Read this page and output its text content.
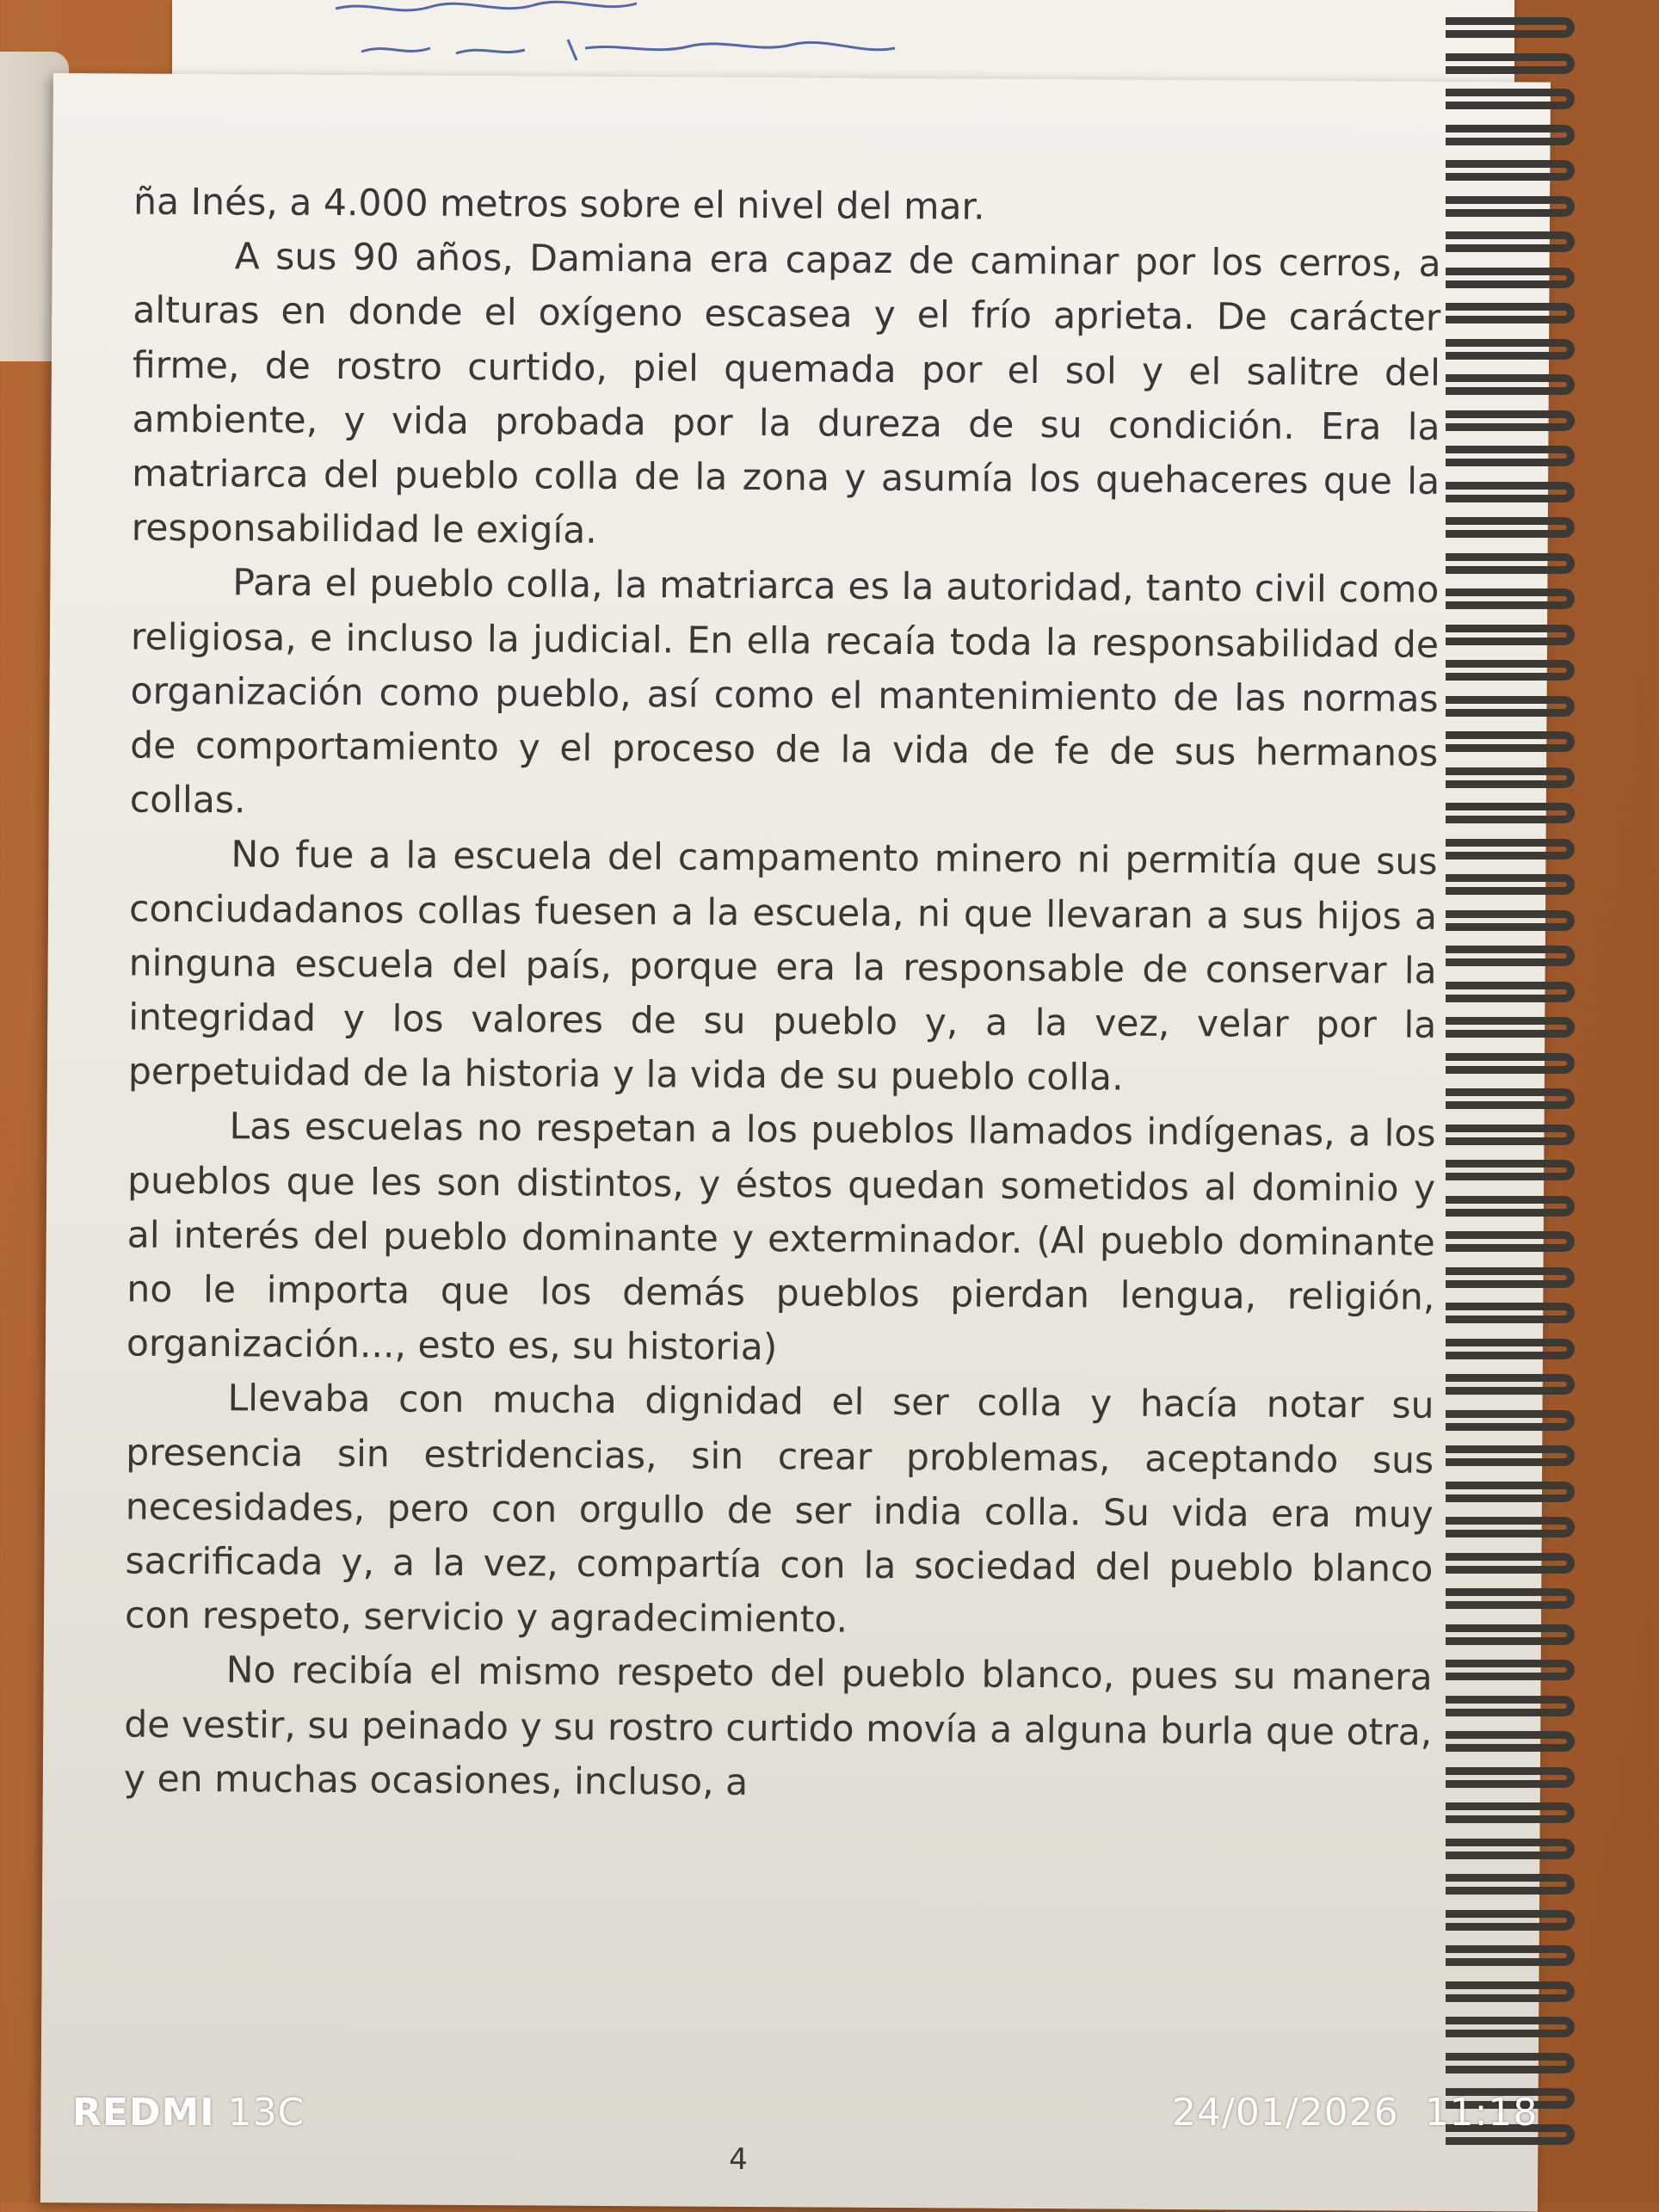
ña Inés, a 4.000 metros sobre el nivel del mar.

A sus 90 años, Damiana era capaz de caminar por los cerros, a alturas en donde el oxígeno escasea y el frío aprieta. De carácter firme, de rostro curtido, piel quemada por el sol y el salitre del ambiente, y vida probada por la dureza de su condición. Era la matriarca del pueblo colla de la zona y asumía los quehaceres que la responsabilidad le exigía.

Para el pueblo colla, la matriarca es la autoridad, tanto civil como religiosa, e incluso la judicial. En ella recaía toda la responsabilidad de organización como pueblo, así como el mantenimiento de las normas de comportamiento y el proceso de la vida de fe de sus hermanos collas.

No fue a la escuela del campamento minero ni permitía que sus conciudadanos collas fuesen a la escuela, ni que llevaran a sus hijos a ninguna escuela del país, porque era la responsable de conservar la integridad y los valores de su pueblo y, a la vez, velar por la perpetuidad de la historia y la vida de su pueblo colla.

Las escuelas no respetan a los pueblos llamados indígenas, a los pueblos que les son distintos, y éstos quedan sometidos al dominio y al interés del pueblo dominante y exterminador. (Al pueblo dominante no le importa que los demás pueblos pierdan lengua, religión, organización..., esto es, su historia)

Llevaba con mucha dignidad el ser colla y hacía notar su presencia sin estridencias, sin crear problemas, aceptando sus necesidades, pero con orgullo de ser india colla. Su vida era muy sacrificada y, a la vez, compartía con la sociedad del pueblo blanco con respeto, servicio y agradecimiento.

No recibía el mismo respeto del pueblo blanco, pues su manera de vestir, su peinado y su rostro curtido movía a alguna burla que otra, y en muchas ocasiones, incluso, a

4
REDMI 13C	24/01/2026  11:18
